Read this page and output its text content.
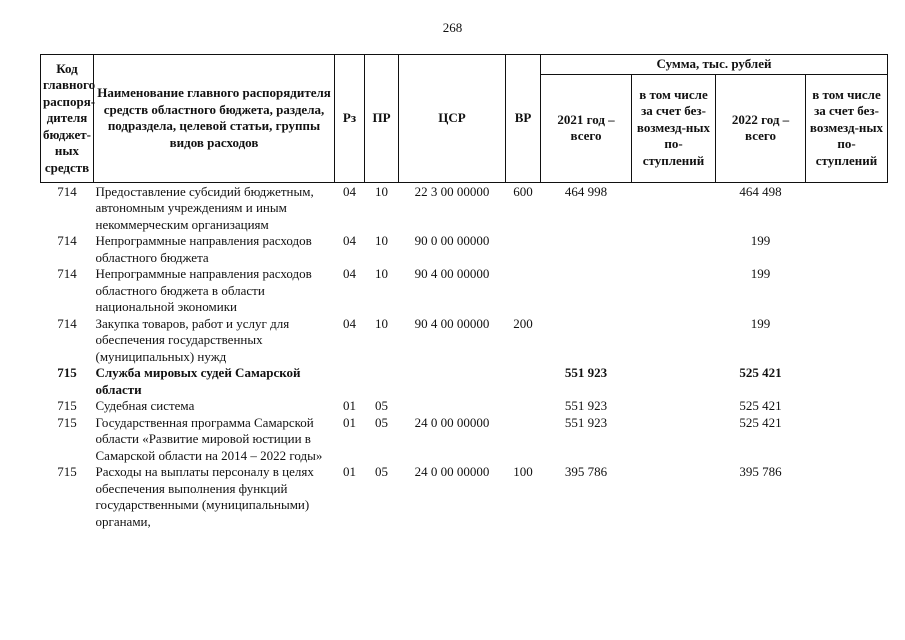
268
Код главного распоря-дителя бюджет-ных средств	Наименование главного распорядителя средств областного бюджета, раздела, подраздела, целевой статьи, группы видов расходов	Рз	ПР	ЦСР	ВР	Сумма, тыс. рублей			
						2021 год – всего	в том числе за счет без-возмезд-ных по-ступлений	2022 год – всего	в том числе за счет без-возмезд-ных по-ступлений
714	Предоставление субсидий бюджетным, автономным учреждениям и иным некоммерческим организациям	04	10	22 3 00 00000	600	464 998		464 498	
714	Непрограммные направления расходов областного бюджета	04	10	90 0 00 00000				199	
714	Непрограммные направления расходов областного бюджета в области национальной экономики	04	10	90 4 00 00000				199	
714	Закупка товаров, работ и услуг для обеспечения государственных (муниципальных) нужд	04	10	90 4 00 00000	200			199	
715	Служба мировых судей Самарской области					551 923		525 421	
715	Судебная система	01	05			551 923		525 421	
715	Государственная программа Самарской области «Развитие мировой юстиции в Самарской области на 2014 – 2022 годы»	01	05	24 0 00 00000		551 923		525 421	
715	Расходы на выплаты персоналу в целях обеспечения выполнения функций государственными (муниципальными) органами,	01	05	24 0 00 00000	100	395 786		395 786	
